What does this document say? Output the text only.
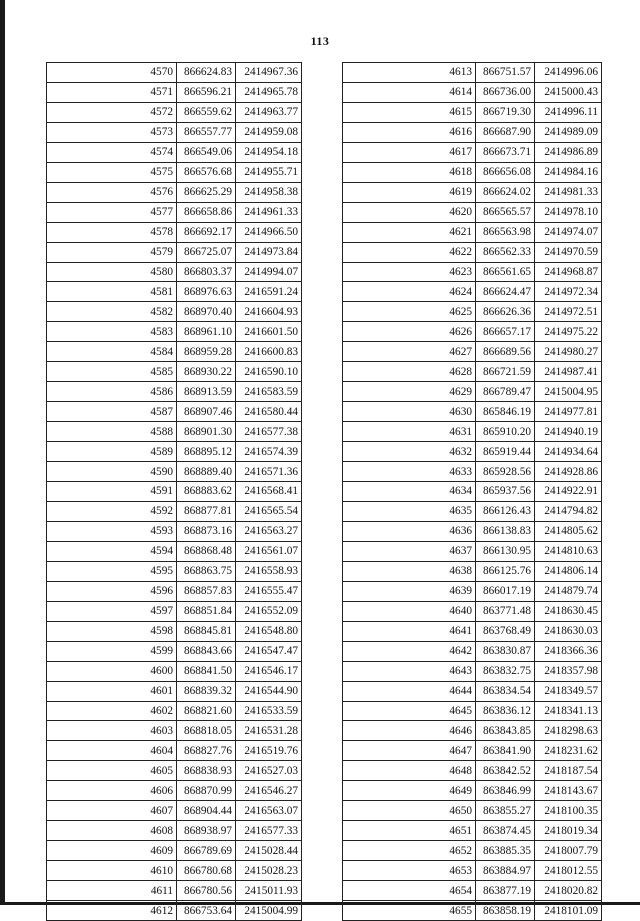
113
4570	866624.83	2414967.36
4571	866596.21	2414965.78
4572	866559.62	2414963.77
4573	866557.77	2414959.08
4574	866549.06	2414954.18
4575	866576.68	2414955.71
4576	866625.29	2414958.38
4577	866658.86	2414961.33
4578	866692.17	2414966.50
4579	866725.07	2414973.84
4580	866803.37	2414994.07
4581	868976.63	2416591.24
4582	868970.40	2416604.93
4583	868961.10	2416601.50
4584	868959.28	2416600.83
4585	868930.22	2416590.10
4586	868913.59	2416583.59
4587	868907.46	2416580.44
4588	868901.30	2416577.38
4589	868895.12	2416574.39
4590	868889.40	2416571.36
4591	868883.62	2416568.41
4592	868877.81	2416565.54
4593	868873.16	2416563.27
4594	868868.48	2416561.07
4595	868863.75	2416558.93
4596	868857.83	2416555.47
4597	868851.84	2416552.09
4598	868845.81	2416548.80
4599	868843.66	2416547.47
4600	868841.50	2416546.17
4601	868839.32	2416544.90
4602	868821.60	2416533.59
4603	868818.05	2416531.28
4604	868827.76	2416519.76
4605	868838.93	2416527.03
4606	868870.99	2416546.27
4607	868904.44	2416563.07
4608	868938.97	2416577.33
4609	866789.69	2415028.44
4610	866780.68	2415028.23
4611	866780.56	2415011.93
4612	866753.64	2415004.99
4613	866751.57	2414996.06
4614	866736.00	2415000.43
4615	866719.30	2414996.11
4616	866687.90	2414989.09
4617	866673.71	2414986.89
4618	866656.08	2414984.16
4619	866624.02	2414981.33
4620	866565.57	2414978.10
4621	866563.98	2414974.07
4622	866562.33	2414970.59
4623	866561.65	2414968.87
4624	866624.47	2414972.34
4625	866626.36	2414972.51
4626	866657.17	2414975.22
4627	866689.56	2414980.27
4628	866721.59	2414987.41
4629	866789.47	2415004.95
4630	865846.19	2414977.81
4631	865910.20	2414940.19
4632	865919.44	2414934.64
4633	865928.56	2414928.86
4634	865937.56	2414922.91
4635	866126.43	2414794.82
4636	866138.83	2414805.62
4637	866130.95	2414810.63
4638	866125.76	2414806.14
4639	866017.19	2414879.74
4640	863771.48	2418630.45
4641	863768.49	2418630.03
4642	863830.87	2418366.36
4643	863832.75	2418357.98
4644	863834.54	2418349.57
4645	863836.12	2418341.13
4646	863843.85	2418298.63
4647	863841.90	2418231.62
4648	863842.52	2418187.54
4649	863846.99	2418143.67
4650	863855.27	2418100.35
4651	863874.45	2418019.34
4652	863885.35	2418007.79
4653	863884.97	2418012.55
4654	863877.19	2418020.82
4655	863858.19	2418101.09
